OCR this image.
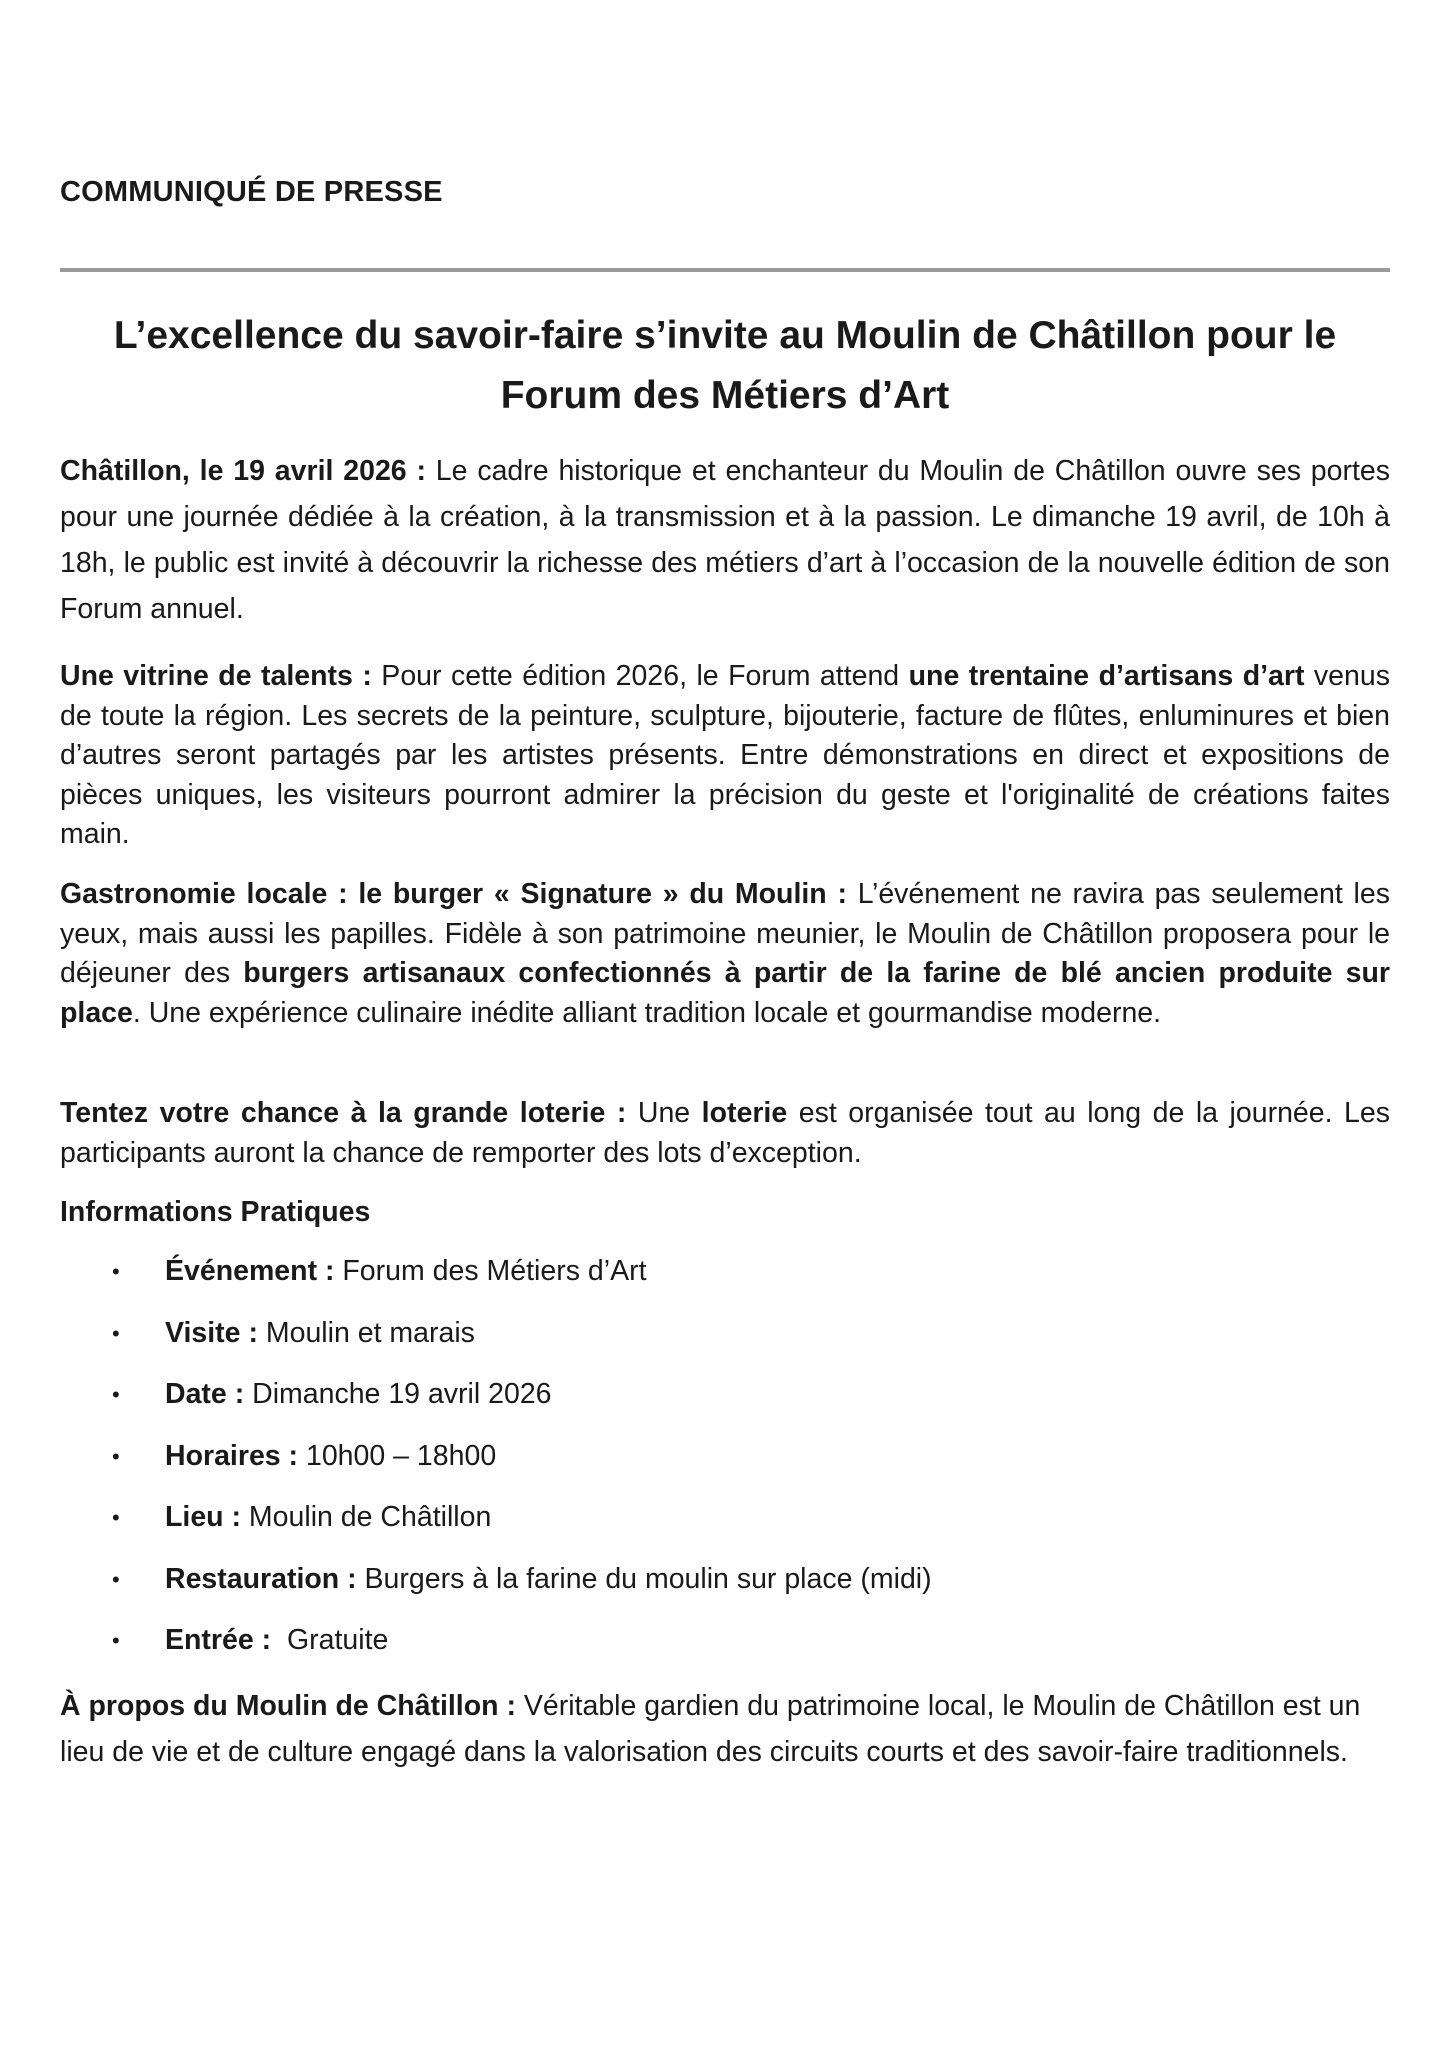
COMMUNIQUÉ DE PRESSE
L’excellence du savoir-faire s’invite au Moulin de Châtillon pour le
Forum des Métiers d’Art

Châtillon, le 19 avril 2026 : Le cadre historique et enchanteur du Moulin de Châtillon ouvre ses portes pour une journée dédiée à la création, à la transmission et à la passion. Le dimanche 19 avril, de 10h à 18h, le public est invité à découvrir la richesse des métiers d’art à l’occasion de la nouvelle édition de son Forum annuel.

Une vitrine de talents : Pour cette édition 2026, le Forum attend une trentaine d’artisans d’art venus de toute la région. Les secrets de la peinture, sculpture, bijouterie, facture de flûtes, enluminures et bien d’autres seront partagés par les artistes présents. Entre démonstrations en direct et expositions de pièces uniques, les visiteurs pourront admirer la précision du geste et l'originalité de créations faites main.

Gastronomie locale : le burger « Signature » du Moulin : L’événement ne ravira pas seulement les yeux, mais aussi les papilles. Fidèle à son patrimoine meunier, le Moulin de Châtillon proposera pour le déjeuner des burgers artisanaux confectionnés à partir de la farine de blé ancien produite sur place. Une expérience culinaire inédite alliant tradition locale et gourmandise moderne.

Tentez votre chance à la grande loterie : Une loterie est organisée tout au long de la journée. Les participants auront la chance de remporter des lots d’exception.

Informations Pratiques
• Événement : Forum des Métiers d’Art
• Visite : Moulin et marais
• Date : Dimanche 19 avril 2026
• Horaires : 10h00 – 18h00
• Lieu : Moulin de Châtillon
• Restauration : Burgers à la farine du moulin sur place (midi)
• Entrée :  Gratuite

À propos du Moulin de Châtillon : Véritable gardien du patrimoine local, le Moulin de Châtillon est un lieu de vie et de culture engagé dans la valorisation des circuits courts et des savoir-faire traditionnels.
